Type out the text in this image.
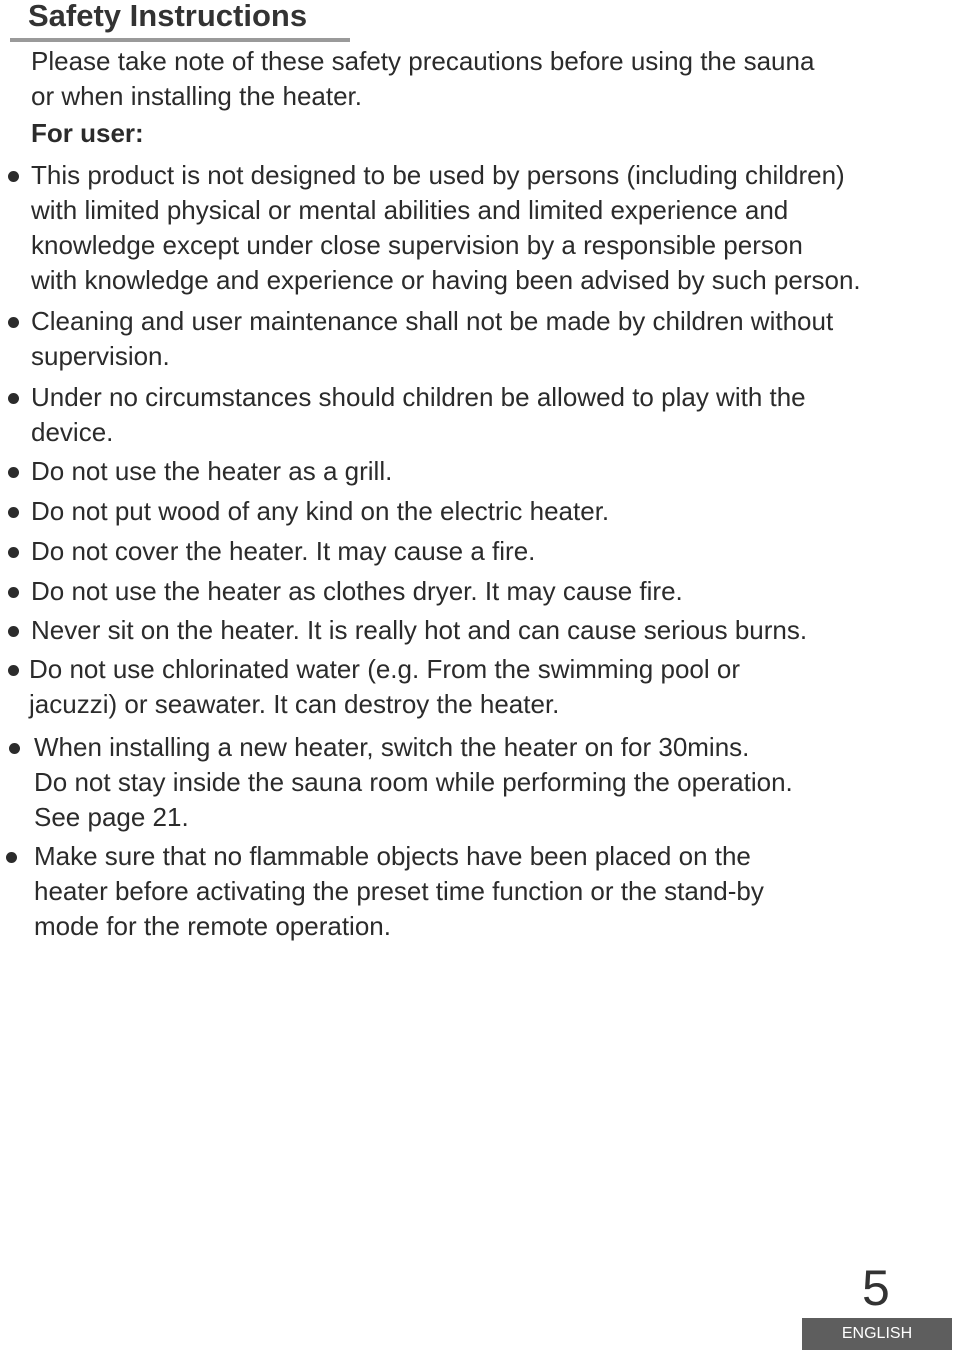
Safety Instructions

Please take note of these safety precautions before using the sauna
or when installing the heater.

For user:

This product is not designed to be used by persons (including children)
with limited physical or mental abilities and limited experience and
knowledge except under close supervision by a responsible person
with knowledge and experience or having been advised by such person.
Cleaning and user maintenance shall not be made by children without
supervision.
Under no circumstances should children be allowed to play with the
device.
Do not use the heater as a grill.
Do not put wood of any kind on the electric heater.
Do not cover the heater. It may cause a fire.
Do not use the heater as clothes dryer. It may cause fire.
Never sit on the heater. It is really hot and can cause serious burns.
Do not use chlorinated water (e.g. From the swimming pool or
jacuzzi) or seawater. It can destroy the heater.
When installing a new heater, switch the heater on for 30mins.
Do not stay inside the sauna room while performing the operation.
See page 21.
Make sure that no flammable objects have been placed on the
heater before activating the preset time function or the stand-by
mode for the remote operation.
5
ENGLISH
